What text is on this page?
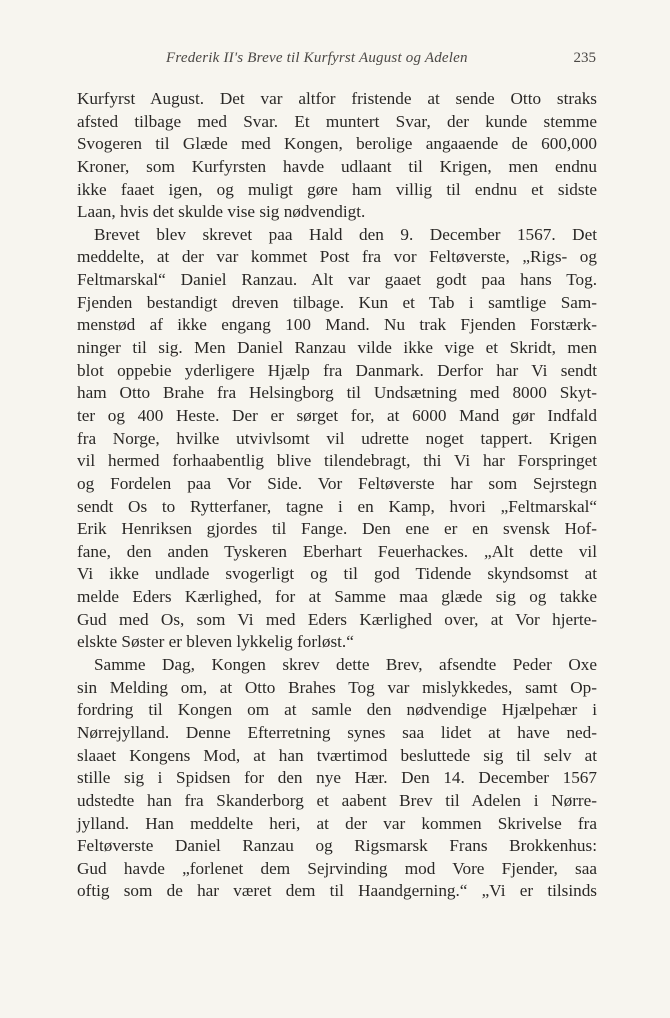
Frederik II's Breve til Kurfyrst August og Adelen	235
Kurfyrst August. Det var altfor fristende at sende Otto straks
afsted tilbage med Svar. Et muntert Svar, der kunde stemme
Svogeren til Glæde med Kongen, berolige angaaende de 600,000
Kroner, som Kurfyrsten havde udlaant til Krigen, men endnu
ikke faaet igen, og muligt gøre ham villig til endnu et sidste
Laan, hvis det skulde vise sig nødvendigt.
Brevet blev skrevet paa Hald den 9. December 1567. Det
meddelte, at der var kommet Post fra vor Feltøverste, „Rigs- og
Feltmarskal“ Daniel Ranzau. Alt var gaaet godt paa hans Tog.
Fjenden bestandigt dreven tilbage. Kun et Tab i samtlige Sam-
menstød af ikke engang 100 Mand. Nu trak Fjenden Forstærk-
ninger til sig. Men Daniel Ranzau vilde ikke vige et Skridt, men
blot oppebie yderligere Hjælp fra Danmark. Derfor har Vi sendt
ham Otto Brahe fra Helsingborg til Undsætning med 8000 Skyt-
ter og 400 Heste. Der er sørget for, at 6000 Mand gør Indfald
fra Norge, hvilke utvivlsomt vil udrette noget tappert. Krigen
vil hermed forhaabentlig blive tilendebragt, thi Vi har Forspringet
og Fordelen paa Vor Side. Vor Feltøverste har som Sejrstegn
sendt Os to Rytterfaner, tagne i en Kamp, hvori „Feltmarskal“
Erik Henriksen gjordes til Fange. Den ene er en svensk Hof-
fane, den anden Tyskeren Eberhart Feuerhackes. „Alt dette vil
Vi ikke undlade svogerligt og til god Tidende skyndsomst at
melde Eders Kærlighed, for at Samme maa glæde sig og takke
Gud med Os, som Vi med Eders Kærlighed over, at Vor hjerte-
elskte Søster er bleven lykkelig forløst.“
Samme Dag, Kongen skrev dette Brev, afsendte Peder Oxe
sin Melding om, at Otto Brahes Tog var mislykkedes, samt Op-
fordring til Kongen om at samle den nødvendige Hjælpehær i
Nørrejylland. Denne Efterretning synes saa lidet at have ned-
slaaet Kongens Mod, at han tværtimod besluttede sig til selv at
stille sig i Spidsen for den nye Hær. Den 14. December 1567
udstedte han fra Skanderborg et aabent Brev til Adelen i Nørre-
jylland. Han meddelte heri, at der var kommen Skrivelse fra
Feltøverste Daniel Ranzau og Rigsmarsk Frans Brokkenhus:
Gud havde „forlenet dem Sejrvinding mod Vore Fjender, saa
oftig som de har været dem til Haandgerning.“ „Vi er tilsinds
